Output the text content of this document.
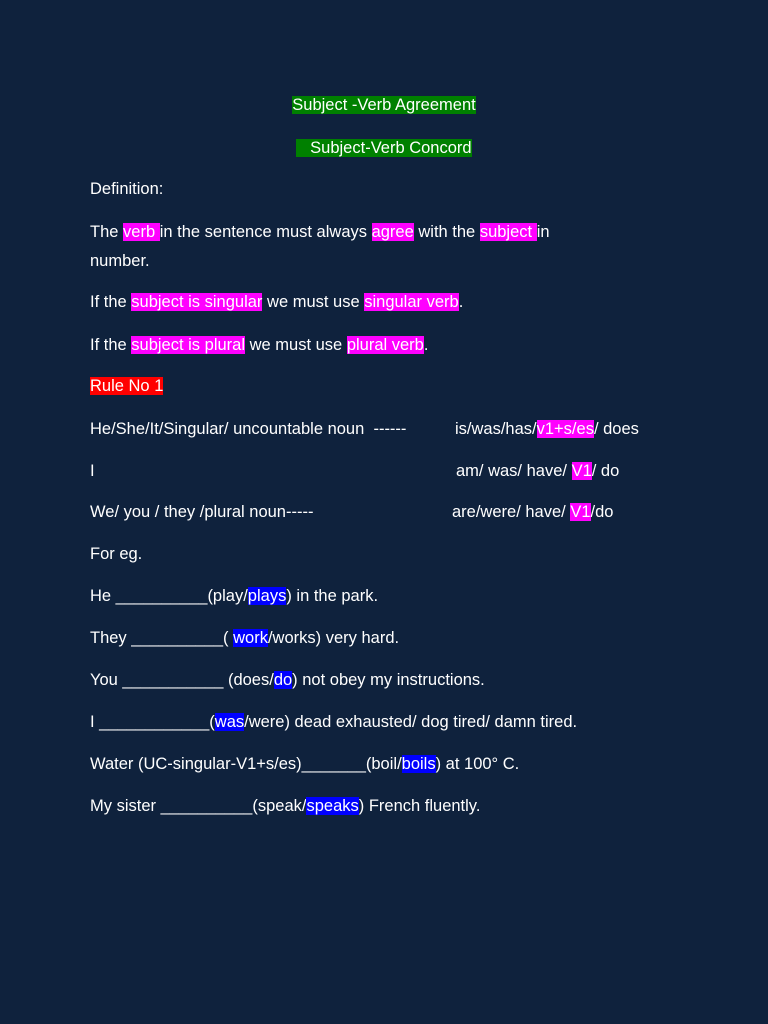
Subject -Verb Agreement
Subject-Verb Concord
Definition:
The verb in the sentence must always agree with the subject in
number.
If the subject is singular we must use singular verb.
If the subject is plural we must use plural verb.
Rule No 1
He/She/It/Singular/ uncountable noun  ------	is/was/has/v1+s/es/ does
I	am/ was/ have/ V1/ do
We/ you / they /plural noun-----	are/were/ have/ V1/do
For eg.
He __________(play/plays) in the park.
They __________( work/works) very hard.
You ___________ (does/do) not obey my instructions.
I ____________(was/were) dead exhausted/ dog tired/ damn tired.
Water (UC-singular-V1+s/es)_______(boil/boils) at 100° C.
My sister __________(speak/speaks) French fluently.
